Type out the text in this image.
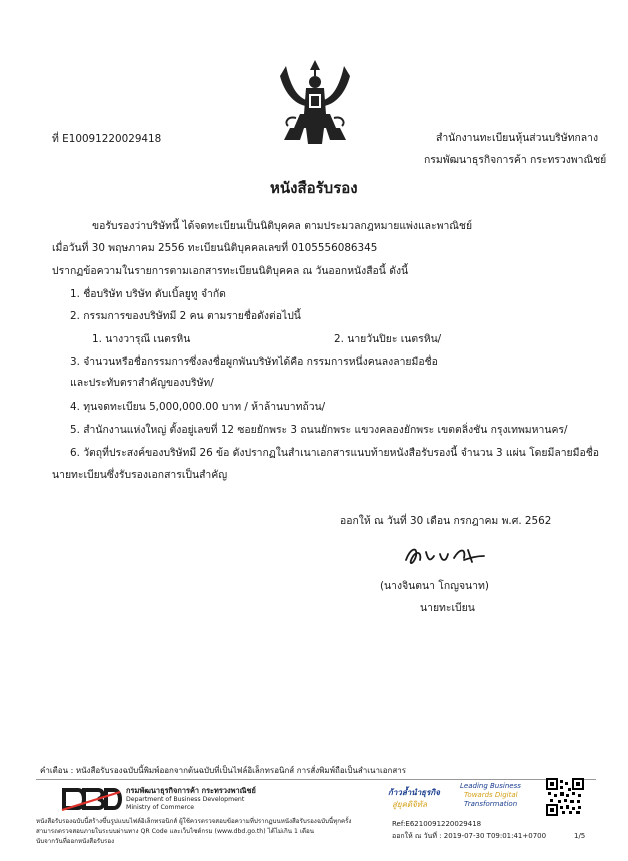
ที่ E10091220029418	สำนักงานทะเบียนหุ้นส่วนบริษัทกลาง
กรมพัฒนาธุรกิจการค้า กระทรวงพาณิชย์
หนังสือรับรอง
ขอรับรองว่าบริษัทนี้ ได้จดทะเบียนเป็นนิติบุคคล ตามประมวลกฎหมายแพ่งและพาณิชย์
เมื่อวันที่ 30 พฤษภาคม 2556 ทะเบียนนิติบุคคลเลขที่ 0105556086345
ปรากฏข้อความในรายการตามเอกสารทะเบียนนิติบุคคล ณ วันออกหนังสือนี้ ดังนี้
1. ชื่อบริษัท บริษัท ดับเบิ้ลยูทู จำกัด
2. กรรมการของบริษัทมี 2 คน ตามรายชื่อดังต่อไปนี้
1. นางวารุณี เนตรหิน	2. นายวันปิยะ เนตรหิน/
3. จำนวนหรือชื่อกรรมการซึ่งลงชื่อผูกพันบริษัทได้คือ กรรมการหนึ่งคนลงลายมือชื่อ
และประทับตราสำคัญของบริษัท/
4. ทุนจดทะเบียน 5,000,000.00 บาท / ห้าล้านบาทถ้วน/
5. สำนักงานแห่งใหญ่ ตั้งอยู่เลขที่ 12 ซอยยักพระ 3 ถนนยักพระ แขวงคลองยักพระ เขตตลิ่งชัน กรุงเทพมหานคร/
6. วัตถุที่ประสงค์ของบริษัทมี 26 ข้อ ดังปรากฏในสำเนาเอกสารแนบท้ายหนังสือรับรองนี้ จำนวน 3 แผ่น โดยมีลายมือชื่อ
นายทะเบียนซึ่งรับรองเอกสารเป็นสำคัญ
ออกให้ ณ วันที่ 30 เดือน กรกฎาคม พ.ศ. 2562
(นางจินตนา โกญจนาท)
นายทะเบียน
คำเตือน : หนังสือรับรองฉบับนี้พิมพ์ออกจากต้นฉบับที่เป็นไฟล์อิเล็กทรอนิกส์ การสั่งพิมพ์ถือเป็นสำเนาเอกสาร
กรมพัฒนาธุรกิจการค้า กระทรวงพาณิชย์
Department of Business Development
Ministry of Commerce
ก้าวล้ำนำธุรกิจ
สู่ยุคดิจิทัล
Leading Business
Towards Digital
Transformation
หนังสือรับรองฉบับนี้สร้างขึ้นรูปแบบไฟล์อิเล็กทรอนิกส์ ผู้ใช้ควรตรวจสอบข้อความที่ปรากฏบนหนังสือรับรองฉบับนี้ทุกครั้ง
สามารถตรวจสอบภายในระบบผ่านทาง QR Code และเว็บไซต์กรม (www.dbd.go.th) ได้ไม่เกิน 1 เดือน
นับจากวันที่ออกหนังสือรับรอง
Ref:E6210091220029418
ออกให้ ณ วันที่ : 2019-07-30 T09:01:41+0700	1/5
